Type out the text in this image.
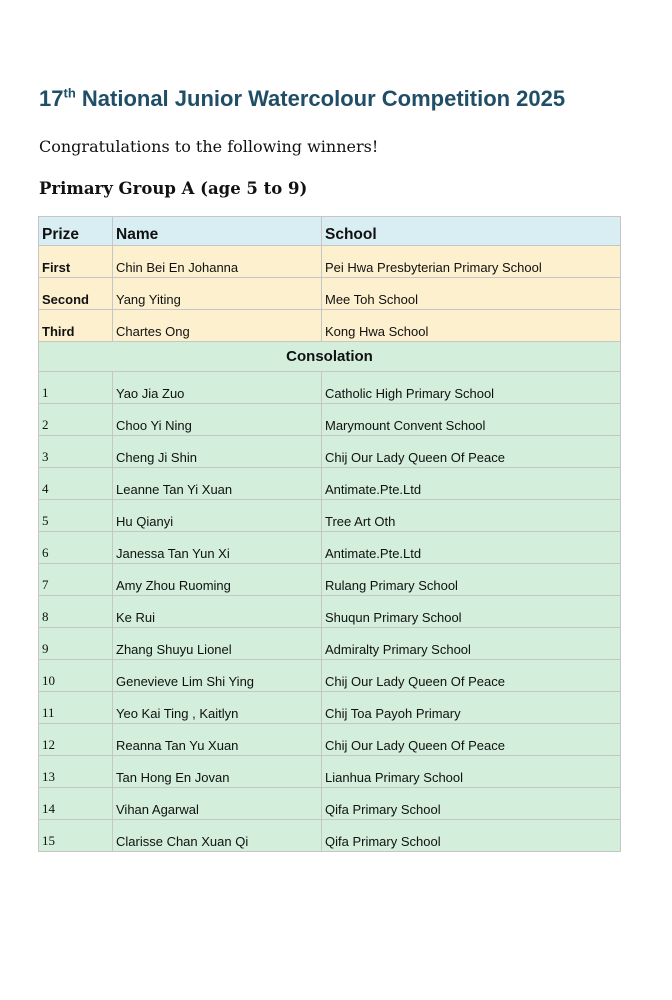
17th National Junior Watercolour Competition 2025

Congratulations to the following winners!

Primary Group A (age 5 to 9)
Prize	Name	School
First	Chin Bei En Johanna	Pei Hwa Presbyterian Primary School
Second	Yang Yiting	Mee Toh School
Third	Chartes Ong	Kong Hwa School
Consolation		
1	Yao Jia Zuo	Catholic High Primary School
2	Choo Yi Ning	Marymount Convent School
3	Cheng Ji Shin	Chij Our Lady Queen Of Peace
4	Leanne Tan Yi Xuan	Antimate.Pte.Ltd
5	Hu Qianyi	Tree Art Oth
6	Janessa Tan Yun Xi	Antimate.Pte.Ltd
7	Amy Zhou Ruoming	Rulang Primary School
8	Ke Rui	Shuqun Primary School
9	Zhang Shuyu Lionel	Admiralty Primary School
10	Genevieve Lim Shi Ying	Chij Our Lady Queen Of Peace
11	Yeo Kai Ting , Kaitlyn	Chij Toa Payoh Primary
12	Reanna Tan Yu Xuan	Chij Our Lady Queen Of Peace
13	Tan Hong En Jovan	Lianhua Primary School
14	Vihan Agarwal	Qifa Primary School
15	Clarisse Chan Xuan Qi	Qifa Primary School
